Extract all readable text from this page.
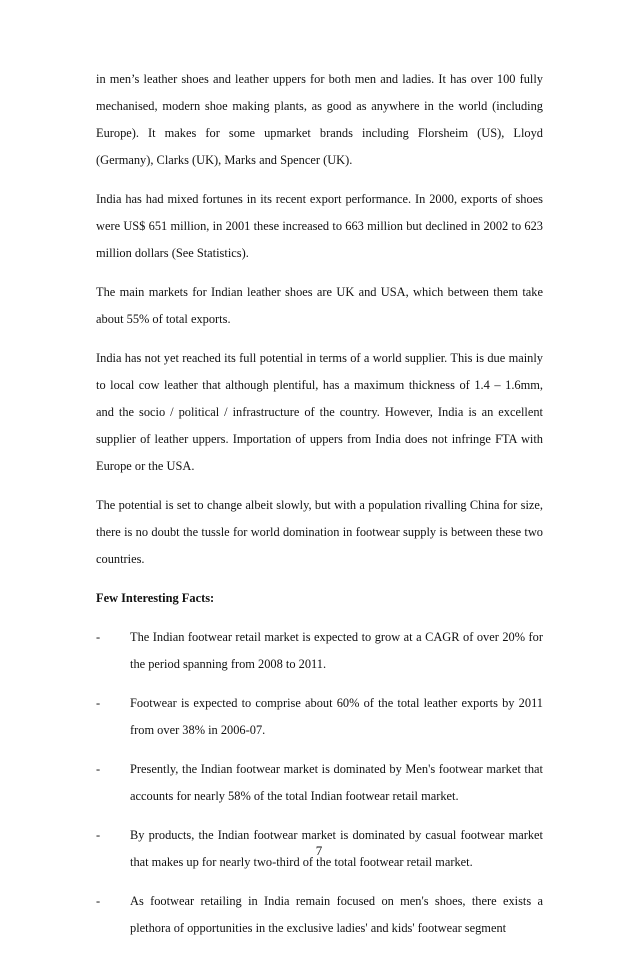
in men’s leather shoes and leather uppers for both men and ladies. It has over 100 fully mechanised, modern shoe making plants, as good as anywhere in the world (including Europe). It makes for some upmarket brands including Florsheim (US), Lloyd (Germany), Clarks (UK), Marks and Spencer (UK).

India has had mixed fortunes in its recent export performance. In 2000, exports of shoes were US$ 651 million, in 2001 these increased to 663 million but declined in 2002 to 623 million dollars (See Statistics).

The main markets for Indian leather shoes are UK and USA, which between them take about 55% of total exports.

India has not yet reached its full potential in terms of a world supplier. This is due mainly to local cow leather that although plentiful, has a maximum thickness of 1.4 – 1.6mm, and the socio / political / infrastructure of the country. However, India is an excellent supplier of leather uppers. Importation of uppers from India does not infringe FTA with Europe or the USA.

The potential is set to change albeit slowly, but with a population rivalling China for size, there is no doubt the tussle for world domination in footwear supply is between these two countries.

Few Interesting Facts:

-	The Indian footwear retail market is expected to grow at a CAGR of over 20% for the period spanning from 2008 to 2011.
-	Footwear is expected to comprise about 60% of the total leather exports by 2011 from over 38% in 2006-07.
-	Presently, the Indian footwear market is dominated by Men's footwear market that accounts for nearly 58% of the total Indian footwear retail market.
-	By products, the Indian footwear market is dominated by casual footwear market that makes up for nearly two-third of the total footwear retail market.
-	As footwear retailing in India remain focused on men's shoes, there exists a plethora of opportunities in the exclusive ladies' and kids' footwear segment
7
